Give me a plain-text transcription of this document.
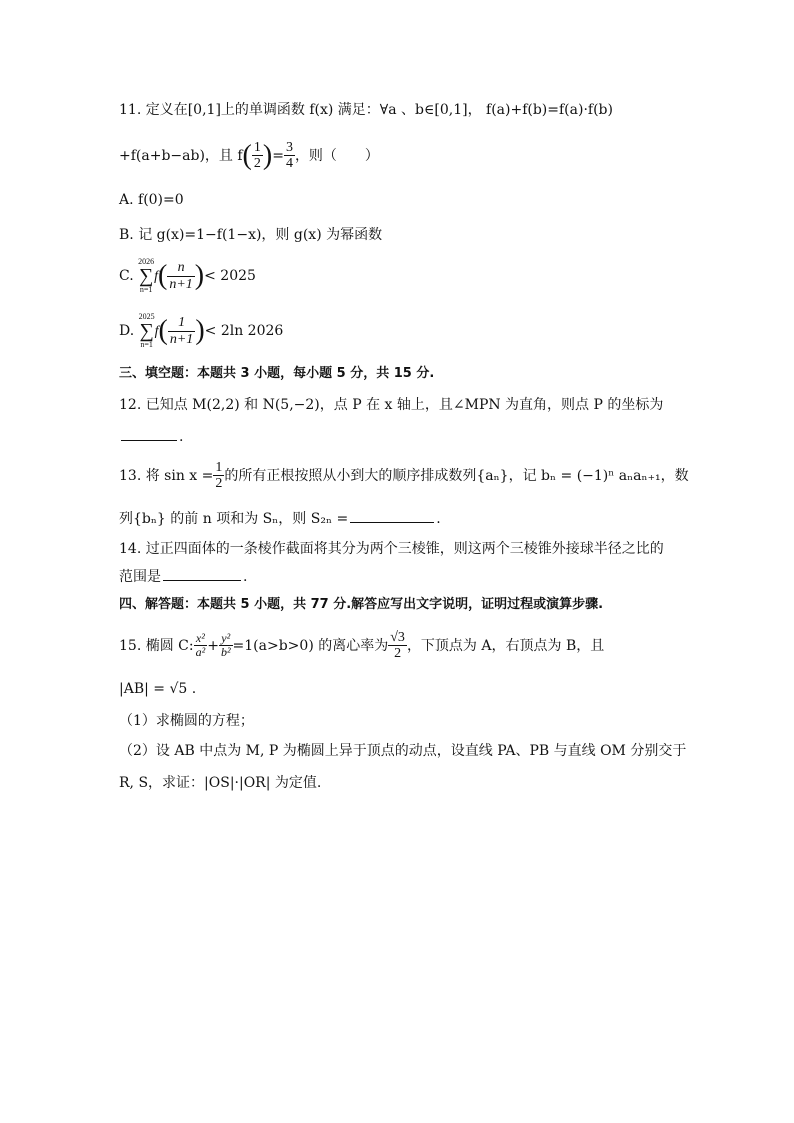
11. 定义在[0,1]上的单调函数 f(x) 满足：∀a 、b∈[0,1]， f(a)+f(b)=f(a)·f(b)
+f(a+b−ab)，且 $f( \frac{1}{2}$ )= $\frac{3}{4}$ ，则（　　）
A. f(0)=0
B. 记 g(x)=1−f(1−x)，则 g(x) 为幂函数
C.
2026
∑
n=1
$f( \frac{n}{n+1}$ )< 2025
D.
2025
∑
n=1
$f( \frac{1}{n+1}$ )< 2ln 2026
三、填空题：本题共 3 小题，每小题 5 分，共 15 分.
12. 已知点 M(2,2) 和 N(5,−2)，点 P 在 x 轴上，且∠MPN 为直角，则点 P 的坐标为
.
13. 将 $\sin x = \frac{1}{2}$ 的所有正根按照从小到大的顺序排成数列{aₙ}，记 bₙ = (−1)ⁿ aₙaₙ₊₁，数
列{bₙ} 的前 n 项和为 Sₙ，则 S₂ₙ =	.
14. 过正四面体的一条棱作截面将其分为两个三棱锥，则这两个三棱锥外接球半径之比的
范围是	.
四、解答题：本题共 5 小题，共 77 分.解答应写出文字说明，证明过程或演算步骤.
15. 椭圆 C: $\frac{\text{x²}}{\text{a²}} + \frac{\text{y²}}{\text{b²}} =1(a>b>0)$ 的离心率为 $\frac{√3}{2}$ ，下顶点为 A，右顶点为 B，且
|AB| = √5 .
（1）求椭圆的方程；
（2）设 AB 中点为 M, P 为椭圆上异于顶点的动点，设直线 PA、PB 与直线 OM 分别交于
R, S，求证：|OS|·|OR| 为定值.
